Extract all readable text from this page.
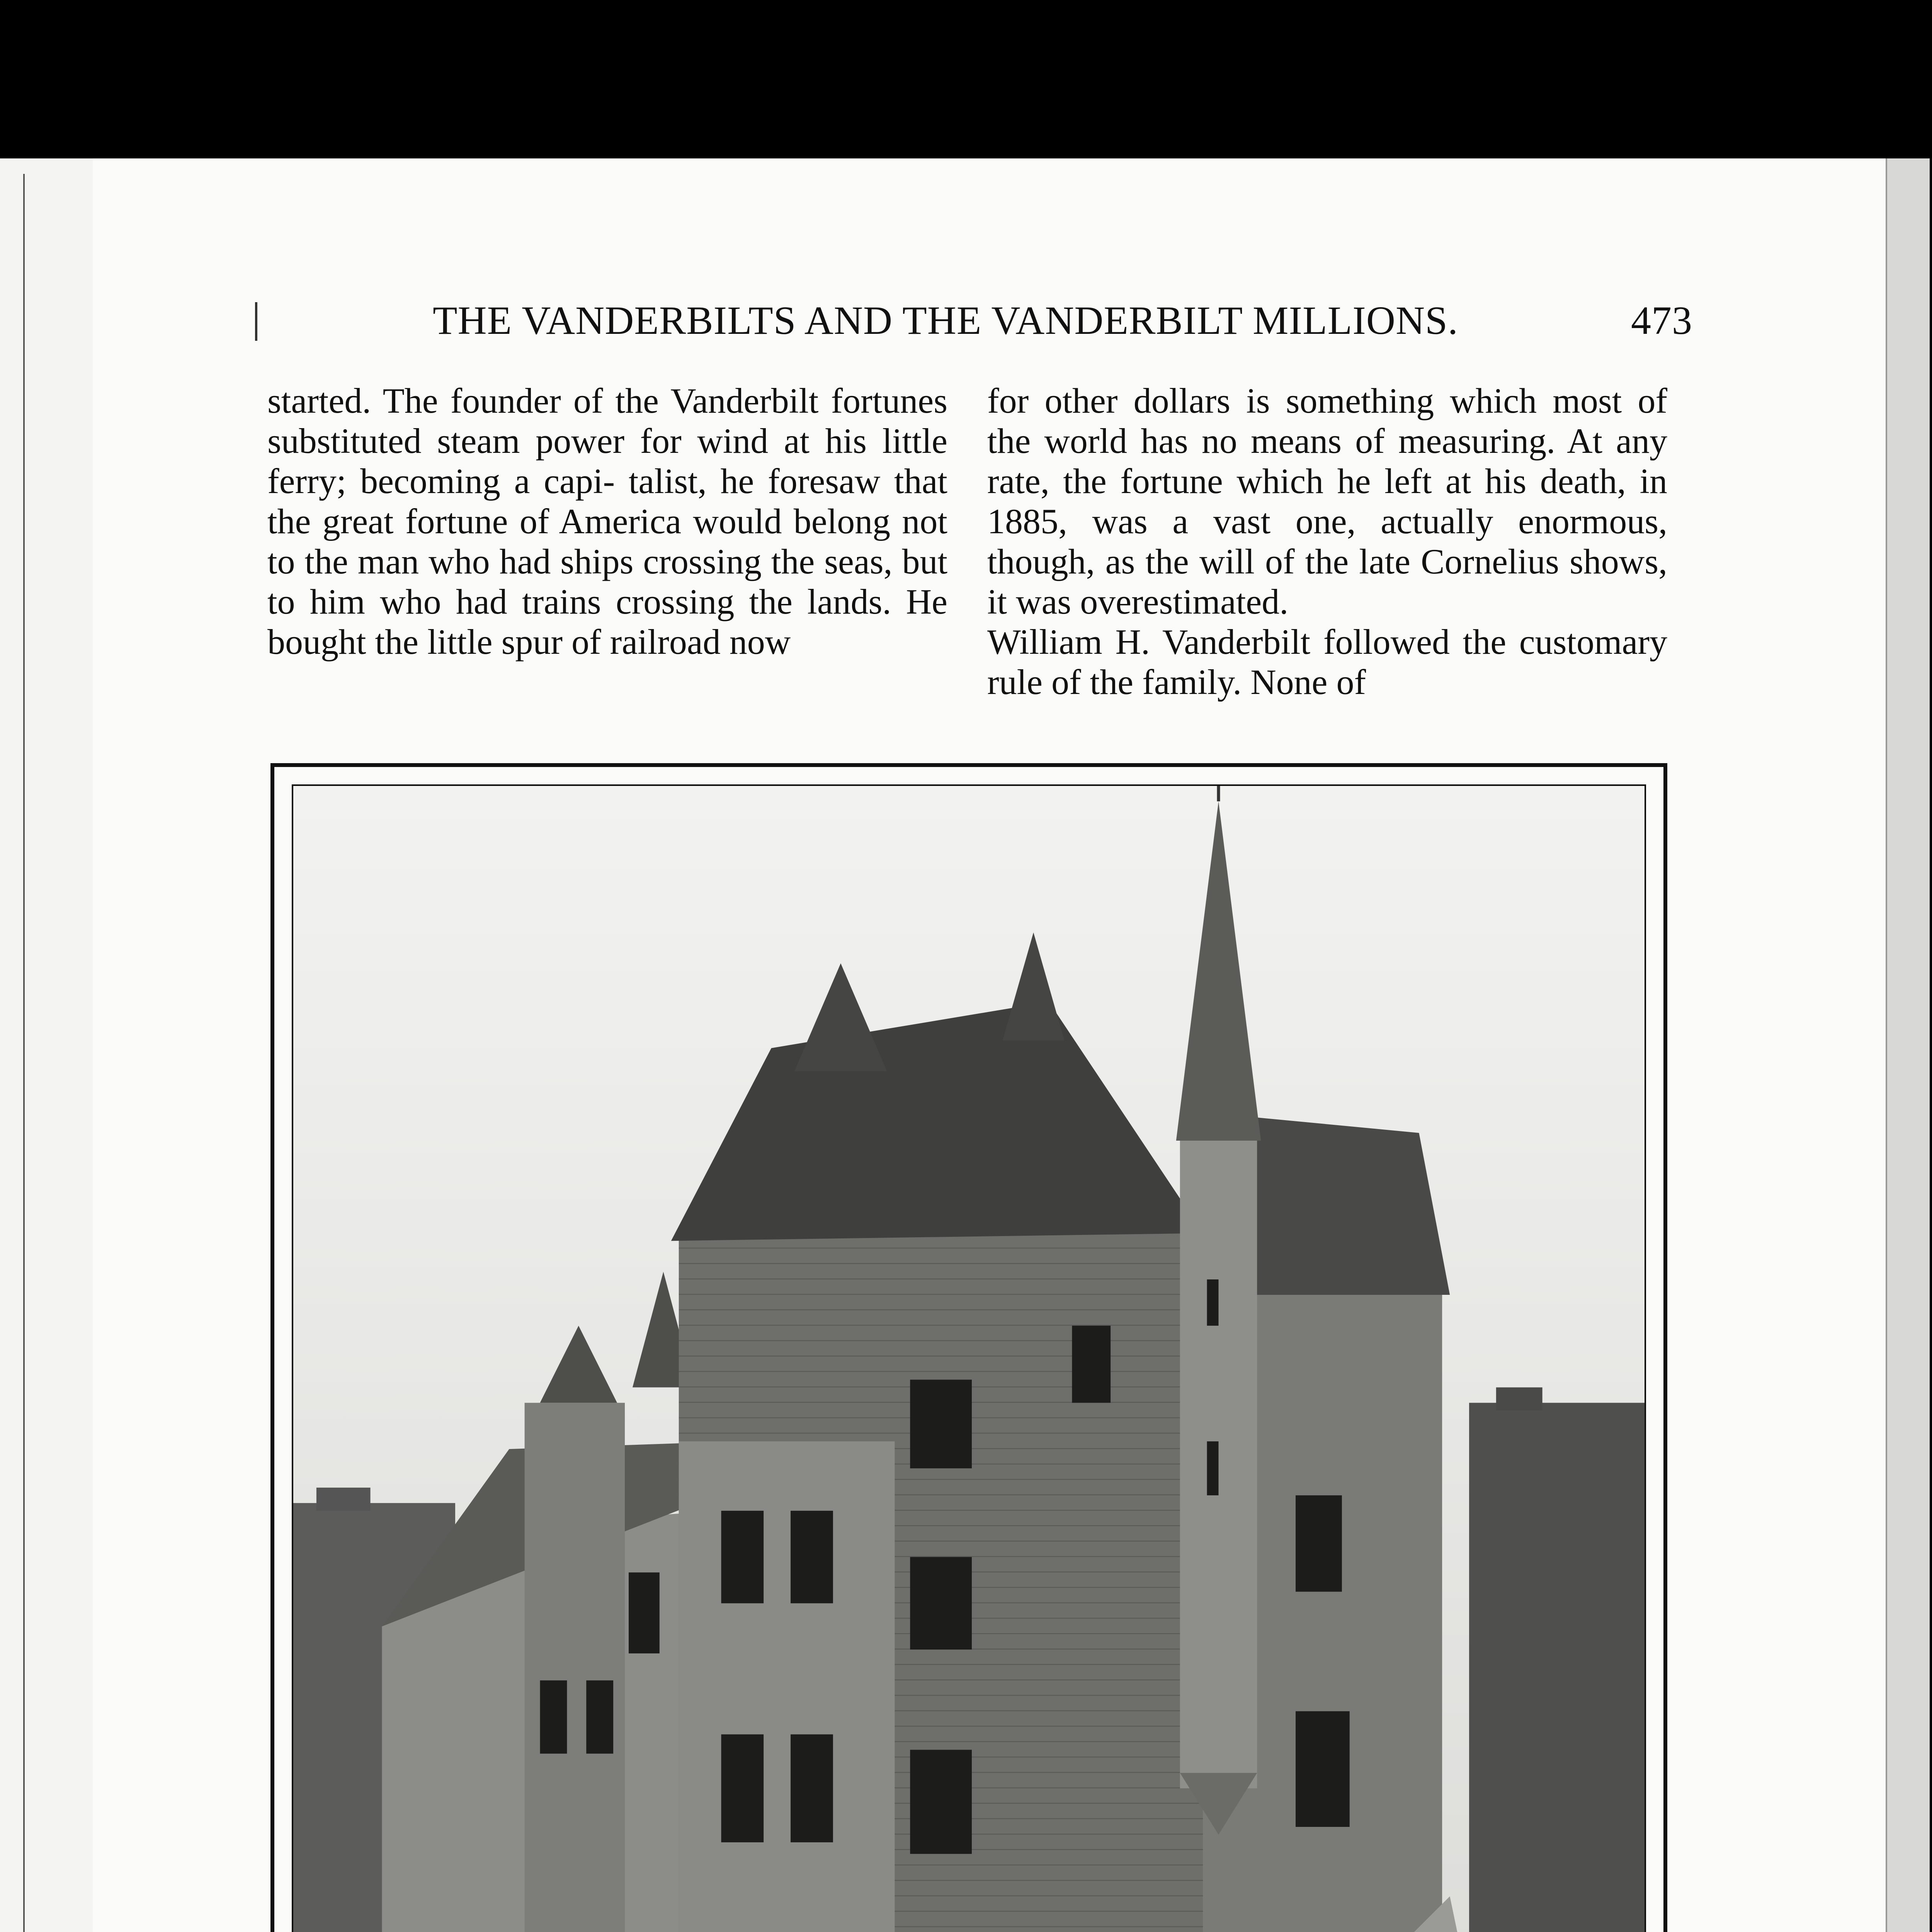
THE VANDERBILTS AND THE VANDERBILT MILLIONS.	473
started. The founder of the Vanderbilt fortunes substituted steam power for wind at his little ferry; becoming a capi- talist, he foresaw that the great fortune of America would belong not to the man who had ships crossing the seas, but to him who had trains crossing the lands. He bought the little spur of railroad now
for other dollars is something which most of the world has no means of measuring. At any rate, the fortune which he left at his death, in 1885, was a vast one, actually enormous, though, as the will of the late Cornelius shows, it was overestimated.
William H. Vanderbilt followed the customary rule of the family. None of
